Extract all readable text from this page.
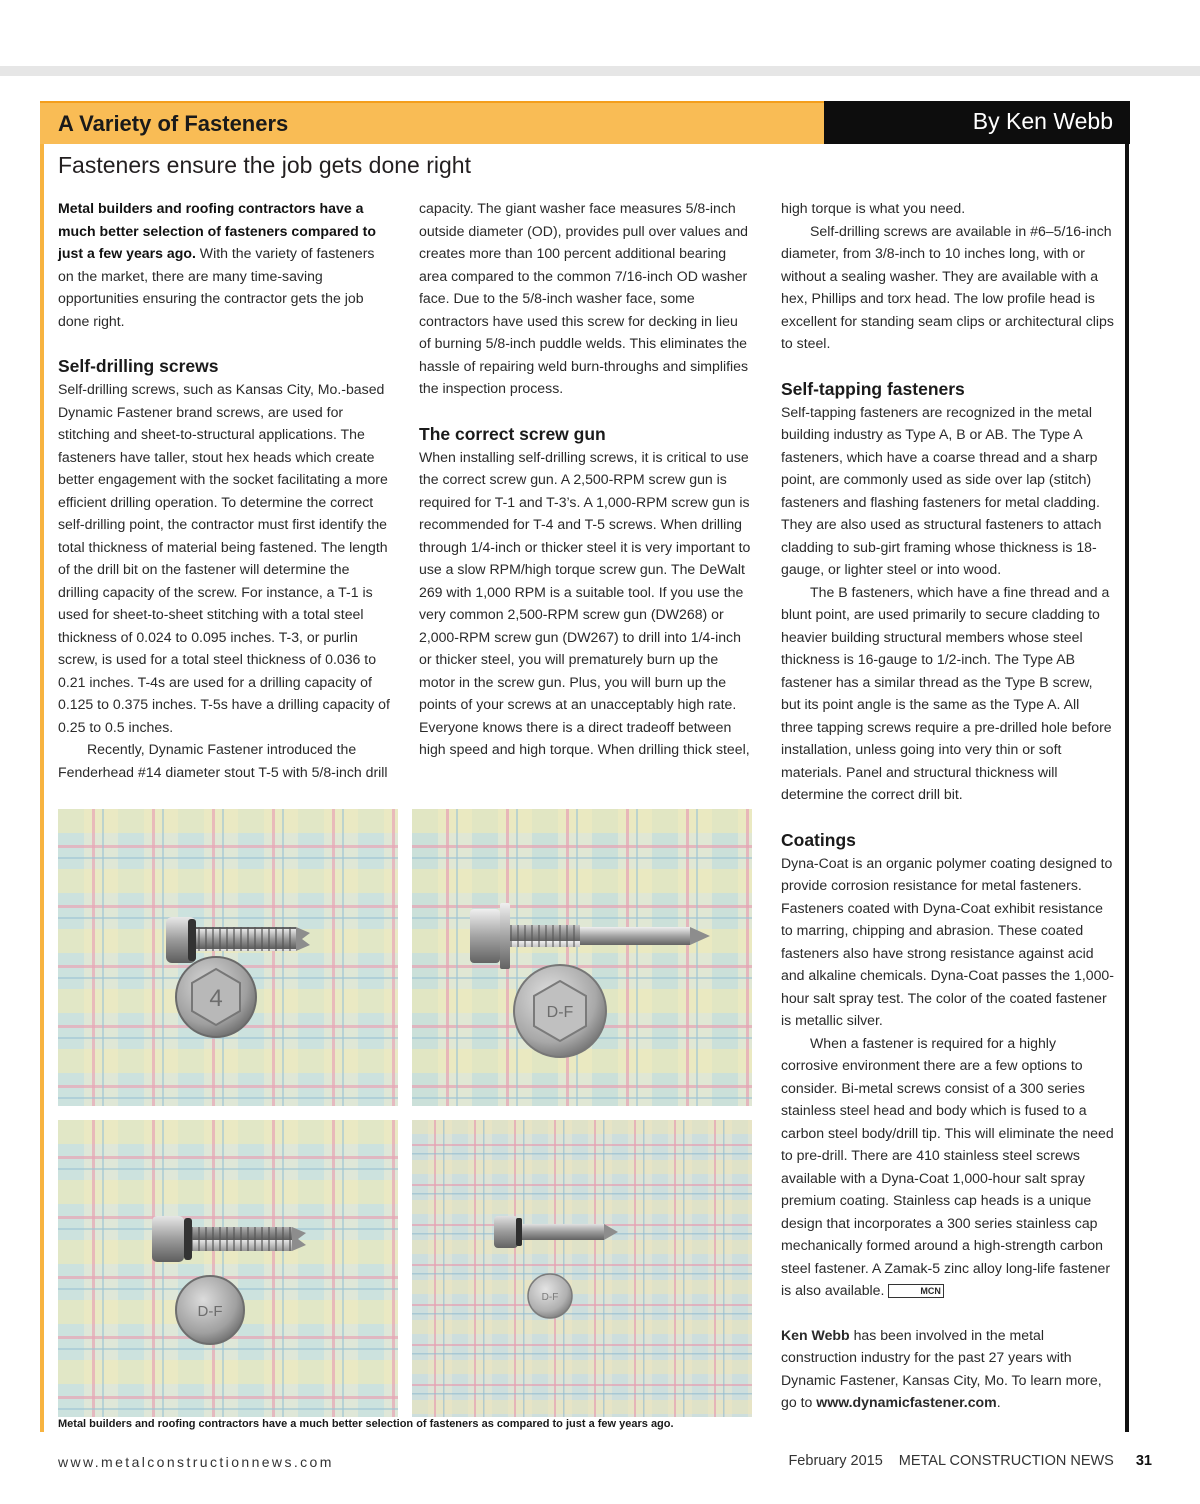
A Variety of Fasteners	By Ken Webb
Fasteners ensure the job gets done right

Metal builders and roofing contractors have a much better selection of fasteners compared to just a few years ago. With the variety of fasteners on the market, there are many time-saving opportunities ensuring the contractor gets the job done right.

Self-drilling screws

Self-drilling screws, such as Kansas City, Mo.-based Dynamic Fastener brand screws, are used for stitching and sheet-to-structural applications. The fasteners have taller, stout hex heads which create better engagement with the socket facilitating a more efficient drilling operation. To determine the correct self-drilling point, the contractor must first identify the total thickness of material being fastened. The length of the drill bit on the fastener will determine the drilling capacity of the screw. For instance, a T-1 is used for sheet-to-sheet stitching with a total steel thickness of 0.024 to 0.095 inches. T-3, or purlin screw, is used for a total steel thickness of 0.036 to 0.21 inches. T-4s are used for a drilling capacity of 0.125 to 0.375 inches. T-5s have a drilling capacity of 0.25 to 0.5 inches.

Recently, Dynamic Fastener introduced the Fenderhead #14 diameter stout T-5 with 5/8-inch drill

capacity. The giant washer face measures 5/8-inch outside diameter (OD), provides pull over values and creates more than 100 percent additional bearing area compared to the common 7/16-inch OD washer face. Due to the 5/8-inch washer face, some contractors have used this screw for decking in lieu of burning 5/8-inch puddle welds. This eliminates the hassle of repairing weld burn-throughs and simplifies the inspection process.

The correct screw gun

When installing self-drilling screws, it is critical to use the correct screw gun. A 2,500-RPM screw gun is required for T-1 and T-3’s. A 1,000-RPM screw gun is recommended for T-4 and T-5 screws. When drilling through 1/4-inch or thicker steel it is very important to use a slow RPM/high torque screw gun. The DeWalt 269 with 1,000 RPM is a suitable tool. If you use the very common 2,500-RPM screw gun (DW268) or 2,000-RPM screw gun (DW267) to drill into 1/4-inch or thicker steel, you will prematurely burn up the motor in the screw gun. Plus, you will burn up the points of your screws at an unacceptably high rate. Everyone knows there is a direct tradeoff between high speed and high torque. When drilling thick steel,

high torque is what you need.

Self-drilling screws are available in #6–5/16-inch diameter, from 3/8-inch to 10 inches long, with or without a sealing washer. They are available with a hex, Phillips and torx head. The low profile head is excellent for standing seam clips or architectural clips to steel.

Self-tapping fasteners

Self-tapping fasteners are recognized in the metal building industry as Type A, B or AB. The Type A fasteners, which have a coarse thread and a sharp point, are commonly used as side over lap (stitch) fasteners and flashing fasteners for metal cladding. They are also used as structural fasteners to attach cladding to sub-girt framing whose thickness is 18-gauge, or lighter steel or into wood.

The B fasteners, which have a fine thread and a blunt point, are used primarily to secure cladding to heavier building structural members whose steel thickness is 16-gauge to 1/2-inch. The Type AB fastener has a similar thread as the Type B screw, but its point angle is the same as the Type A. All three tapping screws require a pre-drilled hole before installation, unless going into very thin or soft materials. Panel and structural thickness will determine the correct drill bit.

Coatings

Dyna-Coat is an organic polymer coating designed to provide corrosion resistance for metal fasteners. Fasteners coated with Dyna-Coat exhibit resistance to marring, chipping and abrasion. These coated fasteners also have strong resistance against acid and alkaline chemicals. Dyna-Coat passes the 1,000-hour salt spray test. The color of the coated fastener is metallic silver.

When a fastener is required for a highly corrosive environment there are a few options to consider. Bi-metal screws consist of a 300 series stainless steel head and body which is fused to a carbon steel body/drill tip. This will eliminate the need to pre-drill. There are 410 stainless steel screws available with a Dyna-Coat 1,000-hour salt spray premium coating. Stainless cap heads is a unique design that incorporates a 300 series stainless cap mechanically formed around a high-strength carbon steel fastener. A Zamak-5 zinc alloy long-life fastener is also available.	MCN

Ken Webb has been involved in the metal construction industry for the past 27 years with Dynamic Fastener, Kansas City, Mo. To learn more, go to www.dynamicfastener.com.

4
D-F
D-F
D-F
Metal builders and roofing contractors have a much better selection of fasteners as compared to just a few years ago.
www.metalconstructionnews.com	February 2015 METAL CONSTRUCTION NEWS 31
